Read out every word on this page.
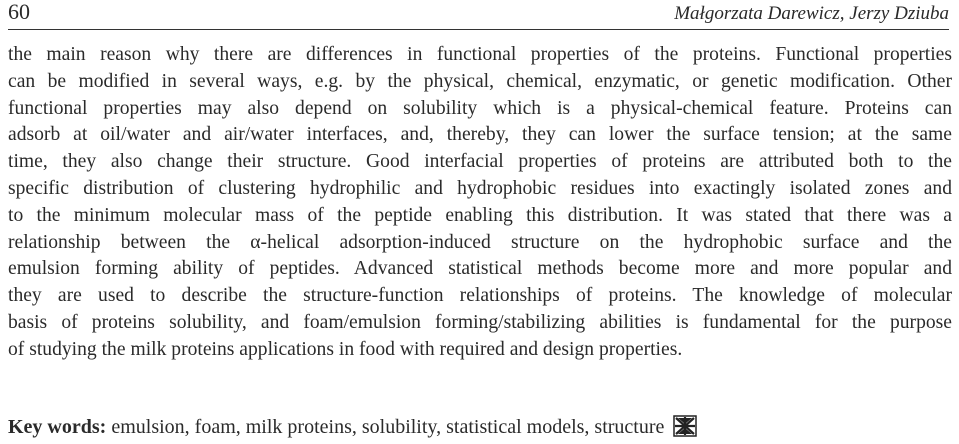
60	Małgorzata Darewicz, Jerzy Dziuba
the main reason why there are differences in functional properties of the proteins. Functional properties
can be modified in several ways, e.g. by the physical, chemical, enzymatic, or genetic modification. Other
functional properties may also depend on solubility which is a physical-chemical feature. Proteins can
adsorb at oil/water and air/water interfaces, and, thereby, they can lower the surface tension; at the same
time, they also change their structure. Good interfacial properties of proteins are attributed both to the
specific distribution of clustering hydrophilic and hydrophobic residues into exactingly isolated zones and
to the minimum molecular mass of the peptide enabling this distribution. It was stated that there was a
relationship between the α-helical adsorption-induced structure on the hydrophobic surface and the
emulsion forming ability of peptides. Advanced statistical methods become more and more popular and
they are used to describe the structure-function relationships of proteins. The knowledge of molecular
basis of proteins solubility, and foam/emulsion forming/stabilizing abilities is fundamental for the purpose
of studying the milk proteins applications in food with required and design properties.
Key words: emulsion, foam, milk proteins, solubility, statistical models, structure
